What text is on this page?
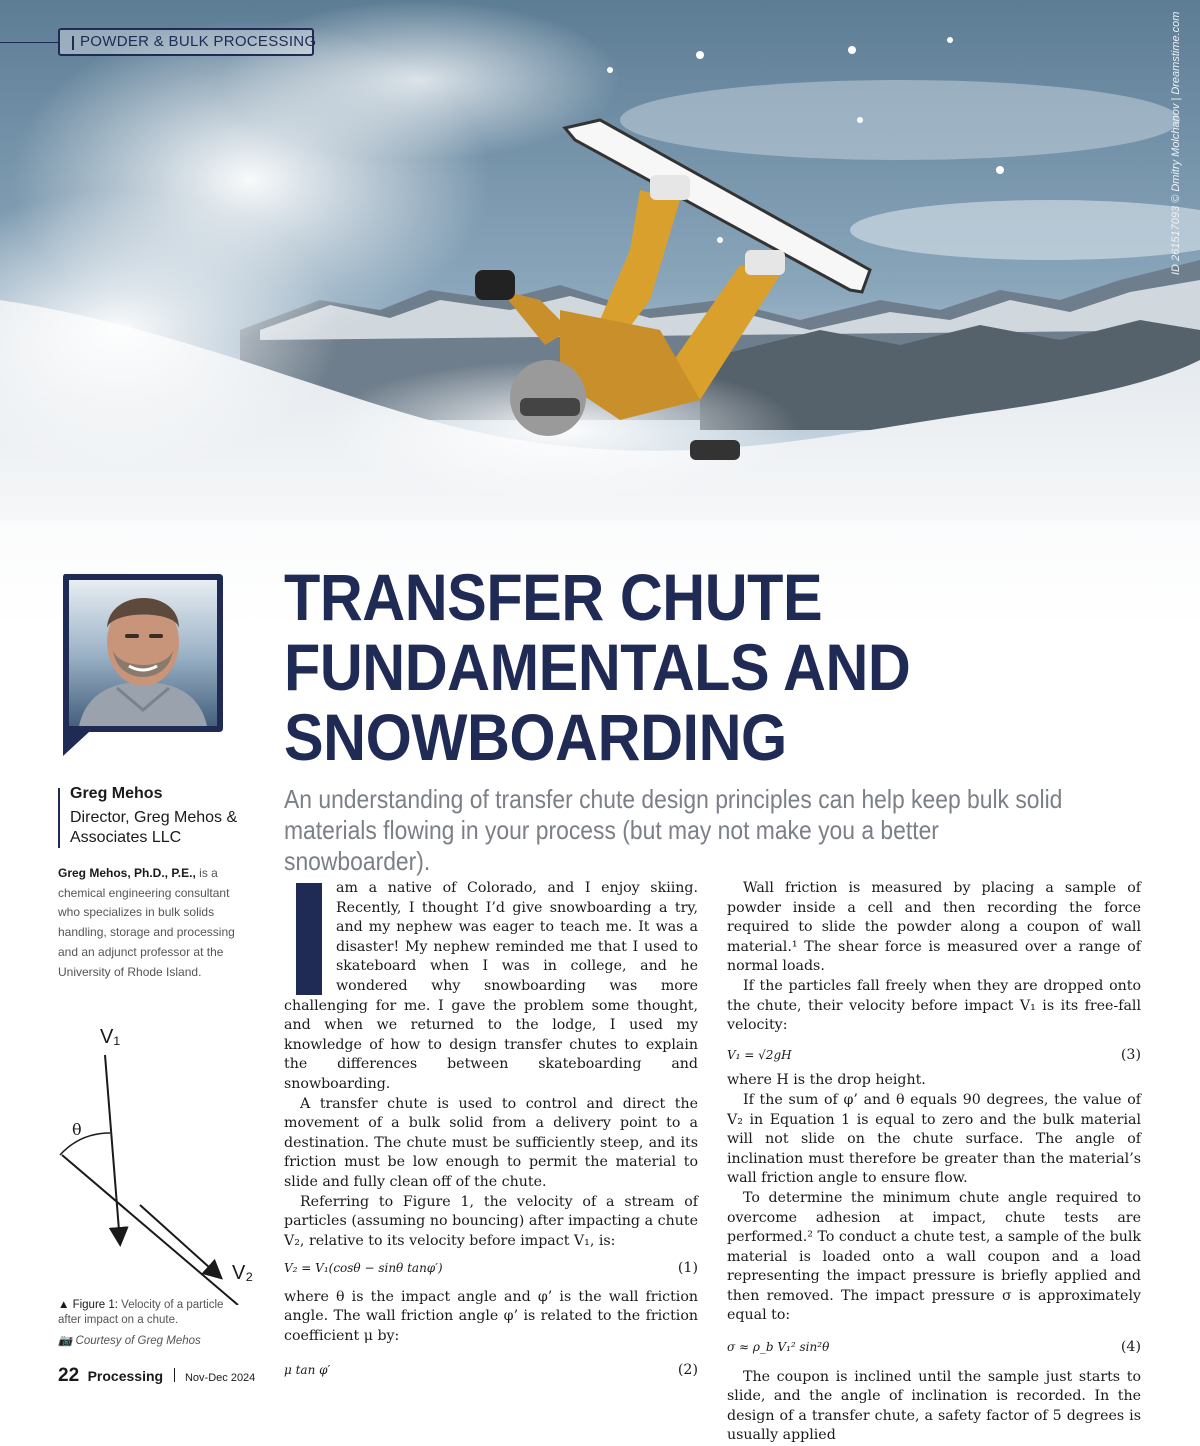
POWDER & BULK PROCESSING	ID 261517093 © Dmitry Molchanov | Dreamstime.com
Greg Mehos
Director, Greg Mehos & Associates LLC
Greg Mehos, Ph.D., P.E., is a chemical engineering consultant who specializes in bulk solids handling, storage and processing and an adjunct professor at the University of Rhode Island.
TRANSFER CHUTE FUNDAMENTALS AND SNOWBOARDING
An understanding of transfer chute design principles can help keep bulk solid materials flowing in your process (but may not make you a better snowboarder).

am a native of Colorado, and I enjoy skiing. Recently, I thought I’d give snowboarding a try, and my nephew was eager to teach me. It was a disaster! My nephew reminded me that I used to skateboard when I was in college, and he wondered why snowboarding was more challenging for me. I gave the problem some thought, and when we returned to the lodge, I used my knowledge of how to design transfer chutes to explain the differences between skateboarding and snowboarding.

A transfer chute is used to control and direct the movement of a bulk solid from a delivery point to a destination. The chute must be sufficiently steep, and its friction must be low enough to permit the material to slide and fully clean off of the chute.

Referring to Figure 1, the velocity of a stream of particles (assuming no bouncing) after impacting a chute V₂, relative to its velocity before impact V₁, is:

V₂ = V₁(cosθ − sinθ tanφ′)	(1)

where θ is the impact angle and φ’ is the wall friction angle. The wall friction angle φ’ is related to the friction coefficient μ by:

μ tan φ′	(2)

Wall friction is measured by placing a sample of powder inside a cell and then recording the force required to slide the powder along a coupon of wall material.¹ The shear force is measured over a range of normal loads.

If the particles fall freely when they are dropped onto the chute, their velocity before impact V₁ is its free-fall velocity:

V₁ = √2gH	(3)

where H is the drop height.

If the sum of φ’ and θ equals 90 degrees, the value of V₂ in Equation 1 is equal to zero and the bulk material will not slide on the chute surface. The angle of inclination must therefore be greater than the material’s wall friction angle to ensure flow.

To determine the minimum chute angle required to overcome adhesion at impact, chute tests are performed.² To conduct a chute test, a sample of the bulk material is loaded onto a wall coupon and a load representing the impact pressure is briefly applied and then removed. The impact pressure σ is approximately equal to:

σ ≈ ρ_b V₁² sin²θ	(4)

The coupon is inclined until the sample just starts to slide, and the angle of inclination is recorded. In the design of a transfer chute, a safety factor of 5 degrees is usually applied

V₁
V₂
θ
▲ Figure 1: Velocity of a particle after impact on a chute.
📷 Courtesy of Greg Mehos
22 Processing Nov-Dec 2024
